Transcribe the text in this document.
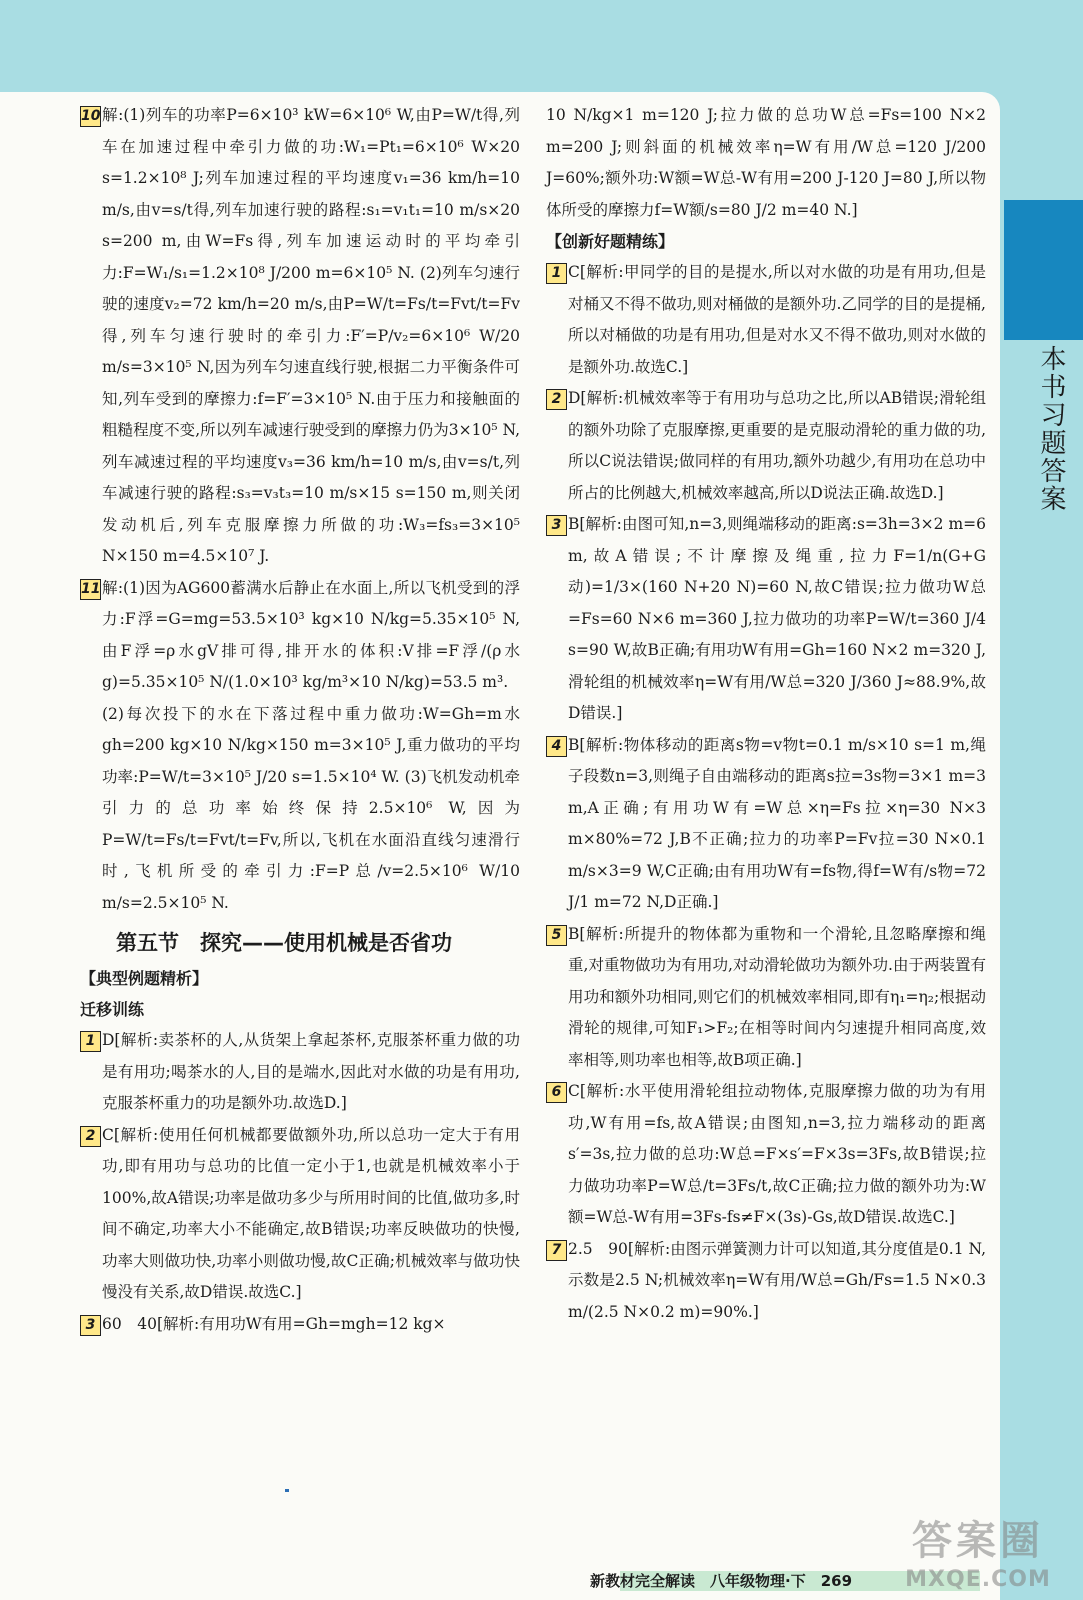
本书习题答案
10 解:(1)列车的功率P=6×10³ kW=6×10⁶ W,由P=W/t得,列车在加速过程中牵引力做的功:W₁=Pt₁=6×10⁶ W×20 s=1.2×10⁸ J;列车加速过程的平均速度v₁=36 km/h=10 m/s,由v=s/t得,列车加速行驶的路程:s₁=v₁t₁=10 m/s×20 s=200 m,由W=Fs得,列车加速运动时的平均牵引力:F=W₁/s₁=1.2×10⁸ J/200 m=6×10⁵ N. (2)列车匀速行驶的速度v₂=72 km/h=20 m/s,由P=W/t=Fs/t=Fvt/t=Fv得,列车匀速行驶时的牵引力:F′=P/v₂=6×10⁶ W/20 m/s=3×10⁵ N,因为列车匀速直线行驶,根据二力平衡条件可知,列车受到的摩擦力:f=F′=3×10⁵ N.由于压力和接触面的粗糙程度不变,所以列车减速行驶受到的摩擦力仍为3×10⁵ N,列车减速过程的平均速度v₃=36 km/h=10 m/s,由v=s/t,列车减速行驶的路程:s₃=v₃t₃=10 m/s×15 s=150 m,则关闭发动机后,列车克服摩擦力所做的功:W₃=fs₃=3×10⁵ N×150 m=4.5×10⁷ J.
11 解:(1)因为AG600蓄满水后静止在水面上,所以飞机受到的浮力:F浮=G=mg=53.5×10³ kg×10 N/kg=5.35×10⁵ N,由F浮=ρ水gV排可得,排开水的体积:V排=F浮/(ρ水g)=5.35×10⁵ N/(1.0×10³ kg/m³×10 N/kg)=53.5 m³.
(2)每次投下的水在下落过程中重力做功:W=Gh=m水gh=200 kg×10 N/kg×150 m=3×10⁵ J,重力做功的平均功率:P=W/t=3×10⁵ J/20 s=1.5×10⁴ W. (3)飞机发动机牵引力的总功率始终保持2.5×10⁶ W,因为P=W/t=Fs/t=Fvt/t=Fv,所以,飞机在水面沿直线匀速滑行时,飞机所受的牵引力:F=P总/v=2.5×10⁶ W/10 m/s=2.5×10⁵ N.
第五节　探究——使用机械是否省功
【典型例题精析】
迁移训练
1 D[解析:卖茶杯的人,从货架上拿起茶杯,克服茶杯重力做的功是有用功;喝茶水的人,目的是端水,因此对水做的功是有用功,克服茶杯重力的功是额外功.故选D.]
2 C[解析:使用任何机械都要做额外功,所以总功一定大于有用功,即有用功与总功的比值一定小于1,也就是机械效率小于100%,故A错误;功率是做功多少与所用时间的比值,做功多,时间不确定,功率大小不能确定,故B错误;功率反映做功的快慢,功率大则做功快,功率小则做功慢,故C正确;机械效率与做功快慢没有关系,故D错误.故选C.]
3 60　40[解析:有用功W有用=Gh=mgh=12 kg×
10 N/kg×1 m=120 J;拉力做的总功W总=Fs=100 N×2 m=200 J;则斜面的机械效率η=W有用/W总=120 J/200 J=60%;额外功:W额=W总-W有用=200 J-120 J=80 J,所以物体所受的摩擦力f=W额/s=80 J/2 m=40 N.]
【创新好题精练】
1 C[解析:甲同学的目的是提水,所以对水做的功是有用功,但是对桶又不得不做功,则对桶做的是额外功.乙同学的目的是提桶,所以对桶做的功是有用功,但是对水又不得不做功,则对水做的是额外功.故选C.]
2 D[解析:机械效率等于有用功与总功之比,所以AB错误;滑轮组的额外功除了克服摩擦,更重要的是克服动滑轮的重力做的功,所以C说法错误;做同样的有用功,额外功越少,有用功在总功中所占的比例越大,机械效率越高,所以D说法正确.故选D.]
3 B[解析:由图可知,n=3,则绳端移动的距离:s=3h=3×2 m=6 m,故A错误;不计摩擦及绳重,拉力F=1/n(G+G动)=1/3×(160 N+20 N)=60 N,故C错误;拉力做功W总=Fs=60 N×6 m=360 J,拉力做功的功率P=W/t=360 J/4 s=90 W,故B正确;有用功W有用=Gh=160 N×2 m=320 J,滑轮组的机械效率η=W有用/W总=320 J/360 J≈88.9%,故D错误.]
4 B[解析:物体移动的距离s物=v物t=0.1 m/s×10 s=1 m,绳子段数n=3,则绳子自由端移动的距离s拉=3s物=3×1 m=3 m,A正确;有用功W有=W总×η=Fs拉×η=30 N×3 m×80%=72 J,B不正确;拉力的功率P=Fv拉=30 N×0.1 m/s×3=9 W,C正确;由有用功W有=fs物,得f=W有/s物=72 J/1 m=72 N,D正确.]
5 B[解析:所提升的物体都为重物和一个滑轮,且忽略摩擦和绳重,对重物做功为有用功,对动滑轮做功为额外功.由于两装置有用功和额外功相同,则它们的机械效率相同,即有η₁=η₂;根据动滑轮的规律,可知F₁>F₂;在相等时间内匀速提升相同高度,效率相等,则功率也相等,故B项正确.]
6 C[解析:水平使用滑轮组拉动物体,克服摩擦力做的功为有用功,W有用=fs,故A错误;由图知,n=3,拉力端移动的距离s′=3s,拉力做的总功:W总=F×s′=F×3s=3Fs,故B错误;拉力做功功率P=W总/t=3Fs/t,故C正确;拉力做的额外功为:W额=W总-W有用=3Fs-fs≠F×(3s)-Gs,故D错误.故选C.]
7 2.5　90[解析:由图示弹簧测力计可以知道,其分度值是0.1 N,示数是2.5 N;机械效率η=W有用/W总=Gh/Fs=1.5 N×0.3 m/(2.5 N×0.2 m)=90%.]
新教材完全解读　八年级物理·下　269
答案圈
MXQE.COM
